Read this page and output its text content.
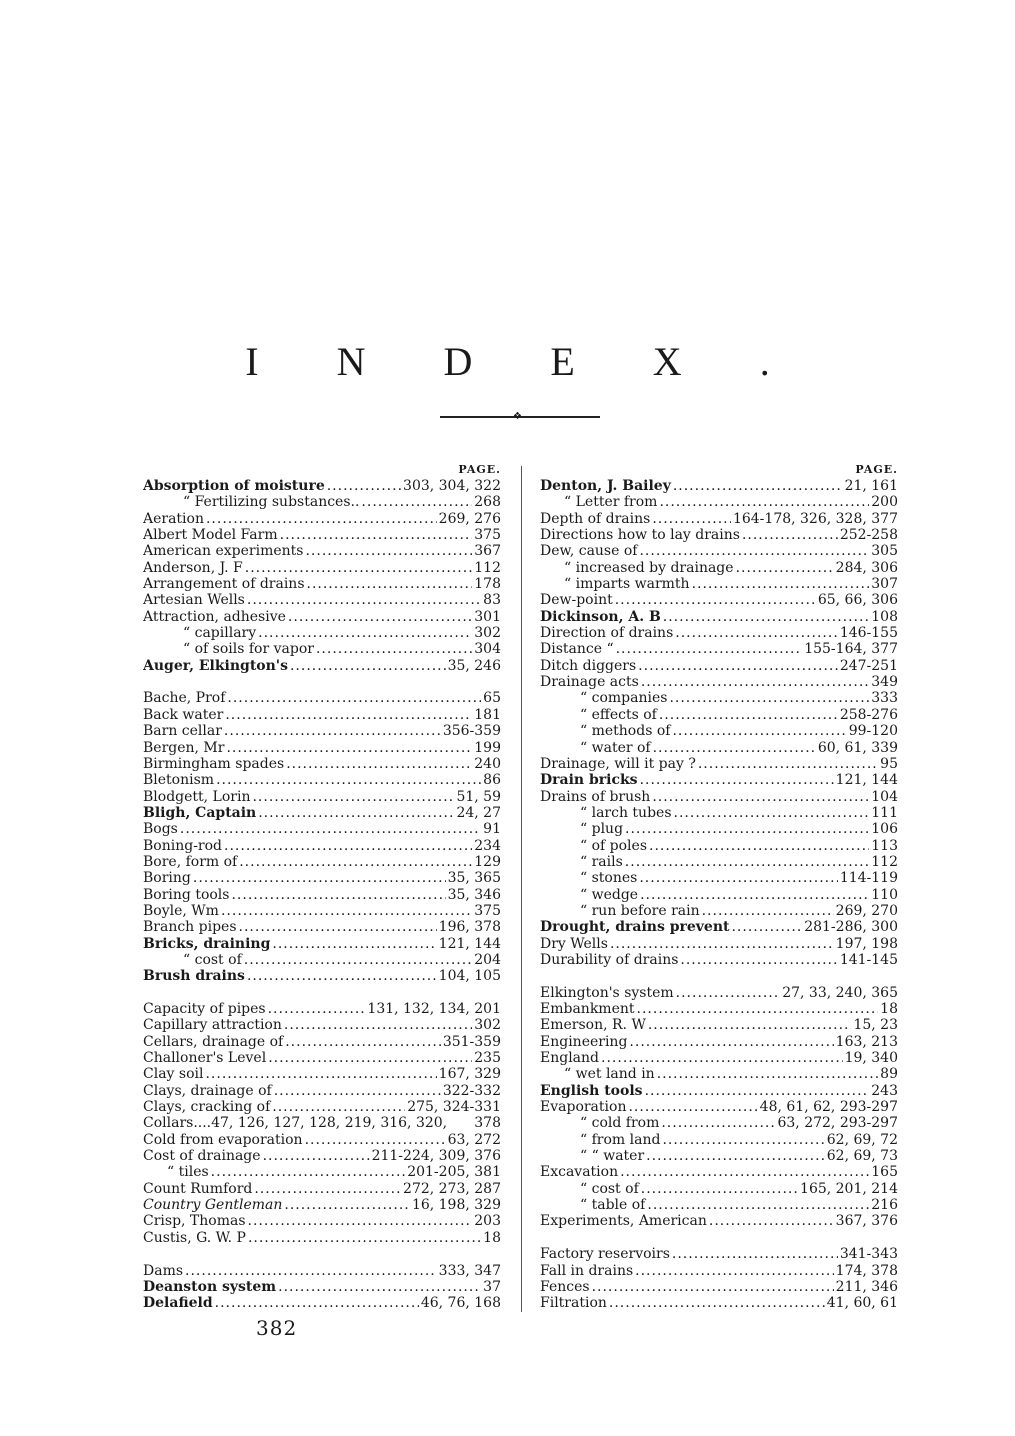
I N D E X .
❖
PAGE.
Absorption of moisture .....	303, 304, 322
“ Fertilizing substances.. .....	268
Aeration .....	269, 276
Albert Model Farm .....	375
American experiments .....	367
Anderson, J. F .....	112
Arrangement of drains .....	178
Artesian Wells .....	83
Attraction, adhesive .....	301
“ capillary .....	302
“ of soils for vapor .....	304
Auger, Elkington's .....	35, 246
Bache, Prof .....	65
Back water .....	181
Barn cellar .....	356-359
Bergen, Mr .....	199
Birmingham spades .....	240
Bletonism .....	86
Blodgett, Lorin .....	51, 59
Bligh, Captain .....	24, 27
Bogs .....	91
Boning-rod .....	234
Bore, form of .....	129
Boring .....	35, 365
Boring tools .....	35, 346
Boyle, Wm .....	375
Branch pipes .....	196, 378
Bricks, draining .....	121, 144
“ cost of .....	204
Brush drains .....	104, 105
Capacity of pipes .....	131, 132, 134, 201
Capillary attraction .....	302
Cellars, drainage of .....	351-359
Challoner's Level .....	235
Clay soil .....	167, 329
Clays, drainage of .....	322-332
Clays, cracking of .....	275, 324-331
Collars....47, 126, 127, 128, 219, 316, 320, 378
Cold from evaporation .....	63, 272
Cost of drainage .....	211-224, 309, 376
“ tiles .....	201-205, 381
Count Rumford .....	272, 273, 287
Country Gentleman .....	16, 198, 329
Crisp, Thomas .....	203
Custis, G. W. P .....	18
Dams .....	333, 347
Deanston system .....	37
Delafield .....	46, 76, 168
PAGE.
Denton, J. Bailey .....	21, 161
“ Letter from .....	200
Depth of drains .....	164-178, 326, 328, 377
Directions how to lay drains .....	252-258
Dew, cause of .....	305
“ increased by drainage .....	284, 306
“ imparts warmth .....	307
Dew-point .....	65, 66, 306
Dickinson, A. B .....	108
Direction of drains .....	146-155
Distance “ .....	155-164, 377
Ditch diggers .....	247-251
Drainage acts .....	349
“ companies .....	333
“ effects of .....	258-276
“ methods of .....	99-120
“ water of .....	60, 61, 339
Drainage, will it pay ? .....	95
Drain bricks .....	121, 144
Drains of brush .....	104
“ larch tubes .....	111
“ plug .....	106
“ of poles .....	113
“ rails .....	112
“ stones .....	114-119
“ wedge .....	110
“ run before rain .....	269, 270
Drought, drains prevent .....	281-286, 300
Dry Wells .....	197, 198
Durability of drains .....	141-145
Elkington's system .....	27, 33, 240, 365
Embankment .....	18
Emerson, R. W .....	15, 23
Engineering .....	163, 213
England .....	19, 340
“ wet land in .....	89
English tools .....	243
Evaporation .....	48, 61, 62, 293-297
“ cold from .....	63, 272, 293-297
“ from land .....	62, 69, 72
“ “ water .....	62, 69, 73
Excavation .....	165
“ cost of .....	165, 201, 214
“ table of .....	216
Experiments, American .....	367, 376
Factory reservoirs .....	341-343
Fall in drains .....	174, 378
Fences .....	211, 346
Filtration .....	41, 60, 61
382
